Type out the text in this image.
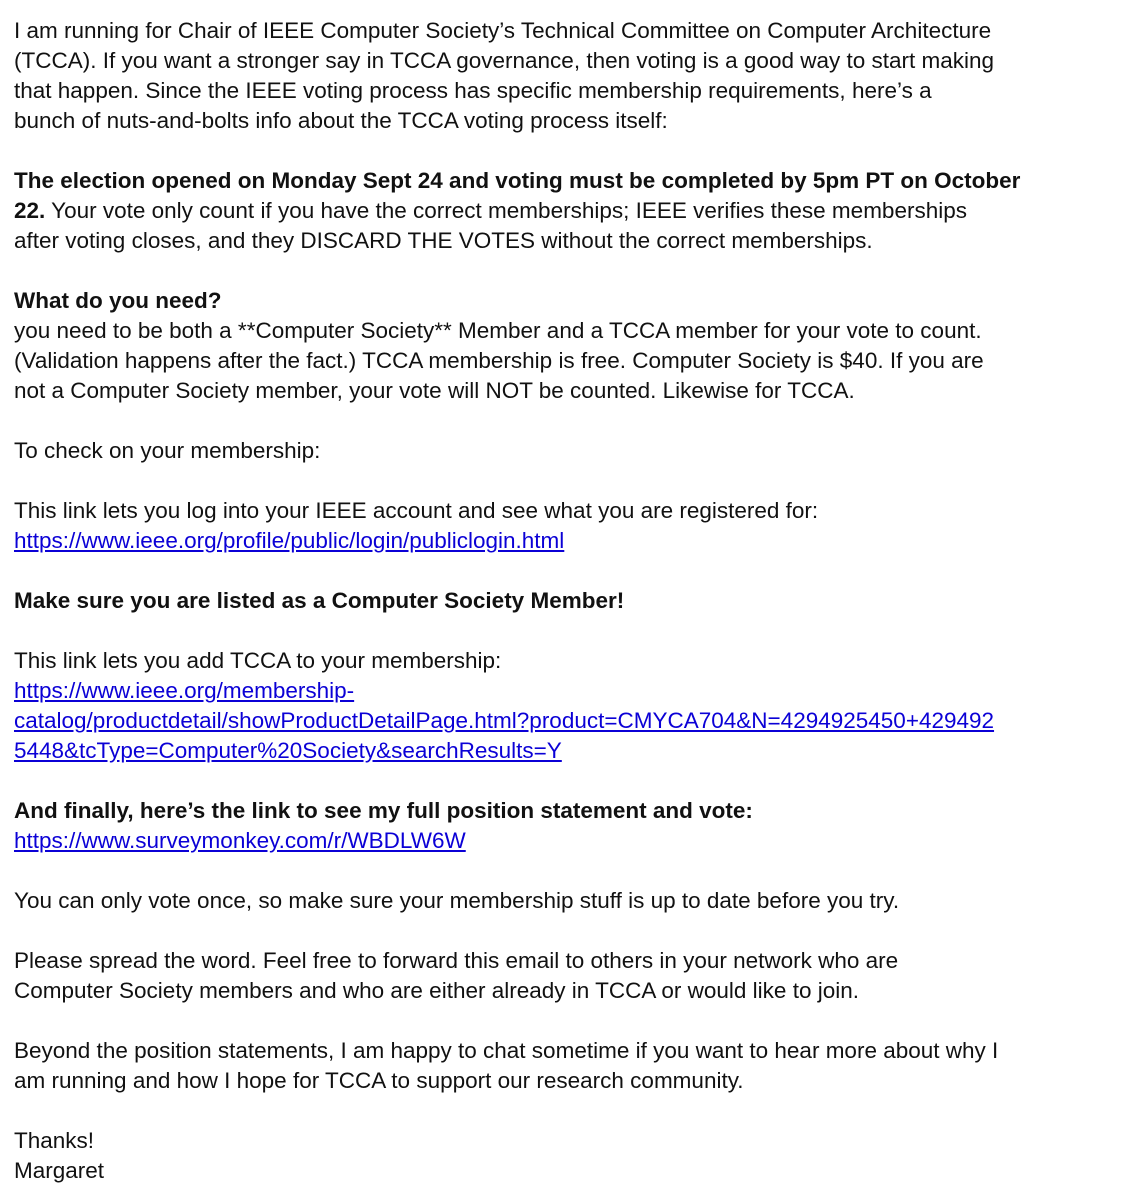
I am running for Chair of IEEE Computer Society’s Technical Committee on Computer Architecture
(TCCA). If you want a stronger say in TCCA governance, then voting is a good way to start making
that happen. Since the IEEE voting process has specific membership requirements, here’s a
bunch of nuts-and-bolts info about the TCCA voting process itself:

The election opened on Monday Sept 24 and voting must be completed by 5pm PT on October
22. Your vote only count if you have the correct memberships; IEEE verifies these memberships
after voting closes, and they DISCARD THE VOTES without the correct memberships.

What do you need?
you need to be both a **Computer Society** Member and a TCCA member for your vote to count.
(Validation happens after the fact.) TCCA membership is free. Computer Society is $40. If you are
not a Computer Society member, your vote will NOT be counted. Likewise for TCCA.

To check on your membership:

This link lets you log into your IEEE account and see what you are registered for:
https://www.ieee.org/profile/public/login/publiclogin.html

Make sure you are listed as a Computer Society Member!

This link lets you add TCCA to your membership:
https://www.ieee.org/membership-
catalog/productdetail/showProductDetailPage.html?product=CMYCA704&N=4294925450+429492
5448&tcType=Computer%20Society&searchResults=Y

And finally, here’s the link to see my full position statement and vote:
https://www.surveymonkey.com/r/WBDLW6W

You can only vote once, so make sure your membership stuff is up to date before you try.

Please spread the word. Feel free to forward this email to others in your network who are
Computer Society members and who are either already in TCCA or would like to join.

Beyond the position statements, I am happy to chat sometime if you want to hear more about why I
am running and how I hope for TCCA to support our research community.

Thanks!
Margaret
